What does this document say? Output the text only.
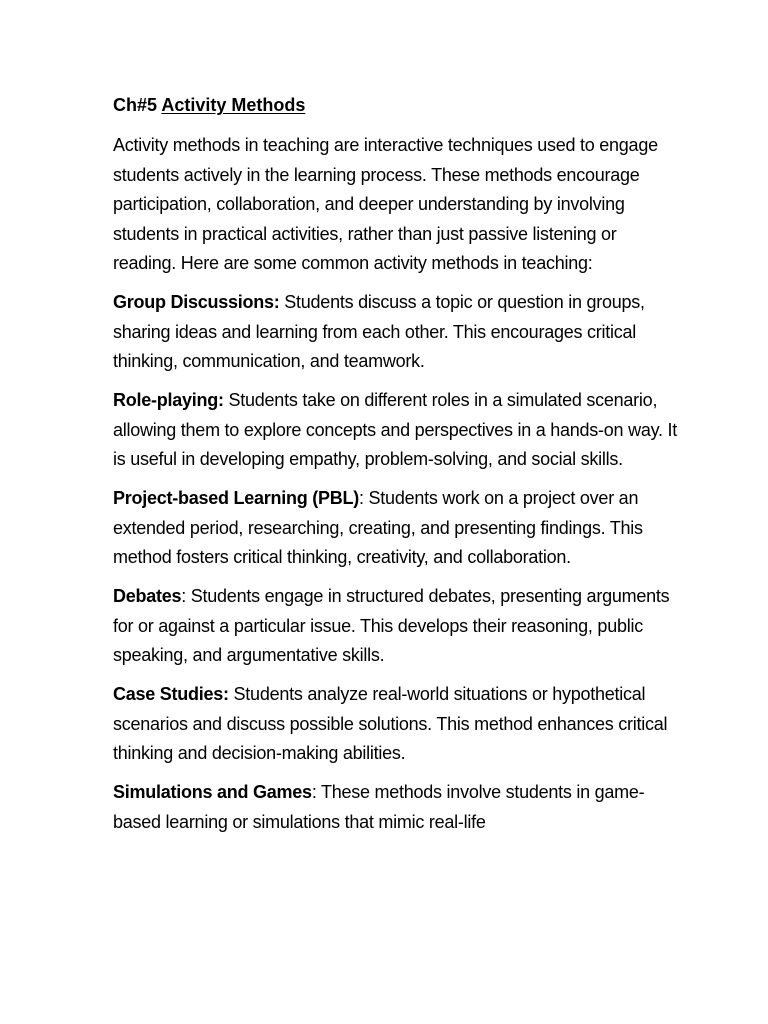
Ch#5 Activity Methods

Activity methods in teaching are interactive techniques used to engage students actively in the learning process. These methods encourage participation, collaboration, and deeper understanding by involving students in practical activities, rather than just passive listening or reading. Here are some common activity methods in teaching:

Group Discussions: Students discuss a topic or question in groups, sharing ideas and learning from each other. This encourages critical thinking, communication, and teamwork.

Role-playing: Students take on different roles in a simulated scenario, allowing them to explore concepts and perspectives in a hands-on way. It is useful in developing empathy, problem-solving, and social skills.

Project-based Learning (PBL): Students work on a project over an extended period, researching, creating, and presenting findings. This method fosters critical thinking, creativity, and collaboration.

Debates: Students engage in structured debates, presenting arguments for or against a particular issue. This develops their reasoning, public speaking, and argumentative skills.

Case Studies: Students analyze real-world situations or hypothetical scenarios and discuss possible solutions. This method enhances critical thinking and decision-making abilities.

Simulations and Games: These methods involve students in game-based learning or simulations that mimic real-life
